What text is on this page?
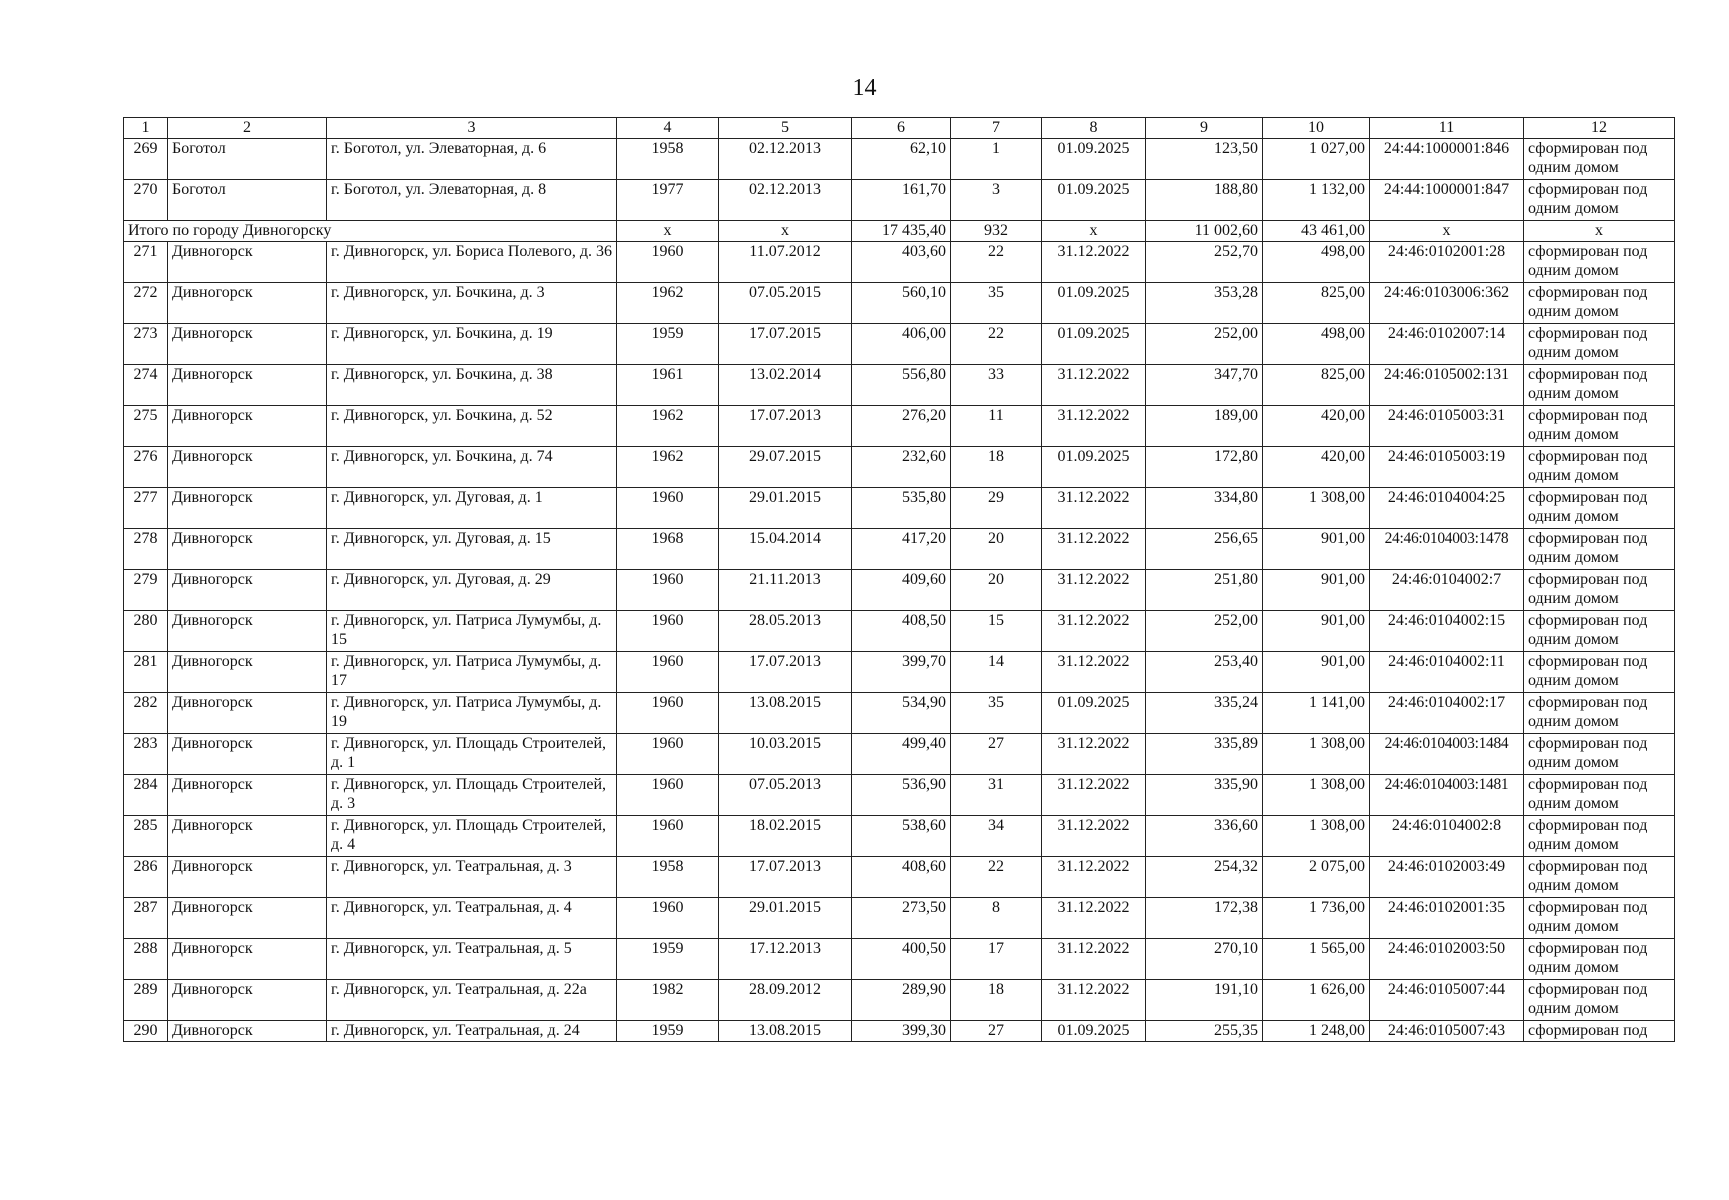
14
1	2	3	4	5	6	7	8	9	10	11	12
269	Боготол	г. Боготол, ул. Элеваторная, д. 6	1958	02.12.2013	62,10	1	01.09.2025	123,50	1 027,00	24:44:1000001:846	сформирован под одним домом
270	Боготол	г. Боготол, ул. Элеваторная, д. 8	1977	02.12.2013	161,70	3	01.09.2025	188,80	1 132,00	24:44:1000001:847	сформирован под одним домом
Итого по городу Дивногорску			х	х	17 435,40	932	х	11 002,60	43 461,00	х	х
271	Дивногорск	г. Дивногорск, ул. Бориса Полевого, д. 36	1960	11.07.2012	403,60	22	31.12.2022	252,70	498,00	24:46:0102001:28	сформирован под одним домом
272	Дивногорск	г. Дивногорск, ул. Бочкина, д. 3	1962	07.05.2015	560,10	35	01.09.2025	353,28	825,00	24:46:0103006:362	сформирован под одним домом
273	Дивногорск	г. Дивногорск, ул. Бочкина, д. 19	1959	17.07.2015	406,00	22	01.09.2025	252,00	498,00	24:46:0102007:14	сформирован под одним домом
274	Дивногорск	г. Дивногорск, ул. Бочкина, д. 38	1961	13.02.2014	556,80	33	31.12.2022	347,70	825,00	24:46:0105002:131	сформирован под одним домом
275	Дивногорск	г. Дивногорск, ул. Бочкина, д. 52	1962	17.07.2013	276,20	11	31.12.2022	189,00	420,00	24:46:0105003:31	сформирован под одним домом
276	Дивногорск	г. Дивногорск, ул. Бочкина, д. 74	1962	29.07.2015	232,60	18	01.09.2025	172,80	420,00	24:46:0105003:19	сформирован под одним домом
277	Дивногорск	г. Дивногорск, ул. Дуговая, д. 1	1960	29.01.2015	535,80	29	31.12.2022	334,80	1 308,00	24:46:0104004:25	сформирован под одним домом
278	Дивногорск	г. Дивногорск, ул. Дуговая, д. 15	1968	15.04.2014	417,20	20	31.12.2022	256,65	901,00	24:46:0104003:1478	сформирован под одним домом
279	Дивногорск	г. Дивногорск, ул. Дуговая, д. 29	1960	21.11.2013	409,60	20	31.12.2022	251,80	901,00	24:46:0104002:7	сформирован под одним домом
280	Дивногорск	г. Дивногорск, ул. Патриса Лумумбы, д. 15	1960	28.05.2013	408,50	15	31.12.2022	252,00	901,00	24:46:0104002:15	сформирован под одним домом
281	Дивногорск	г. Дивногорск, ул. Патриса Лумумбы, д. 17	1960	17.07.2013	399,70	14	31.12.2022	253,40	901,00	24:46:0104002:11	сформирован под одним домом
282	Дивногорск	г. Дивногорск, ул. Патриса Лумумбы, д. 19	1960	13.08.2015	534,90	35	01.09.2025	335,24	1 141,00	24:46:0104002:17	сформирован под одним домом
283	Дивногорск	г. Дивногорск, ул. Площадь Строителей, д. 1	1960	10.03.2015	499,40	27	31.12.2022	335,89	1 308,00	24:46:0104003:1484	сформирован под одним домом
284	Дивногорск	г. Дивногорск, ул. Площадь Строителей, д. 3	1960	07.05.2013	536,90	31	31.12.2022	335,90	1 308,00	24:46:0104003:1481	сформирован под одним домом
285	Дивногорск	г. Дивногорск, ул. Площадь Строителей, д. 4	1960	18.02.2015	538,60	34	31.12.2022	336,60	1 308,00	24:46:0104002:8	сформирован под одним домом
286	Дивногорск	г. Дивногорск, ул. Театральная, д. 3	1958	17.07.2013	408,60	22	31.12.2022	254,32	2 075,00	24:46:0102003:49	сформирован под одним домом
287	Дивногорск	г. Дивногорск, ул. Театральная, д. 4	1960	29.01.2015	273,50	8	31.12.2022	172,38	1 736,00	24:46:0102001:35	сформирован под одним домом
288	Дивногорск	г. Дивногорск, ул. Театральная, д. 5	1959	17.12.2013	400,50	17	31.12.2022	270,10	1 565,00	24:46:0102003:50	сформирован под одним домом
289	Дивногорск	г. Дивногорск, ул. Театральная, д. 22а	1982	28.09.2012	289,90	18	31.12.2022	191,10	1 626,00	24:46:0105007:44	сформирован под одним домом
290	Дивногорск	г. Дивногорск, ул. Театральная, д. 24	1959	13.08.2015	399,30	27	01.09.2025	255,35	1 248,00	24:46:0105007:43	сформирован под
